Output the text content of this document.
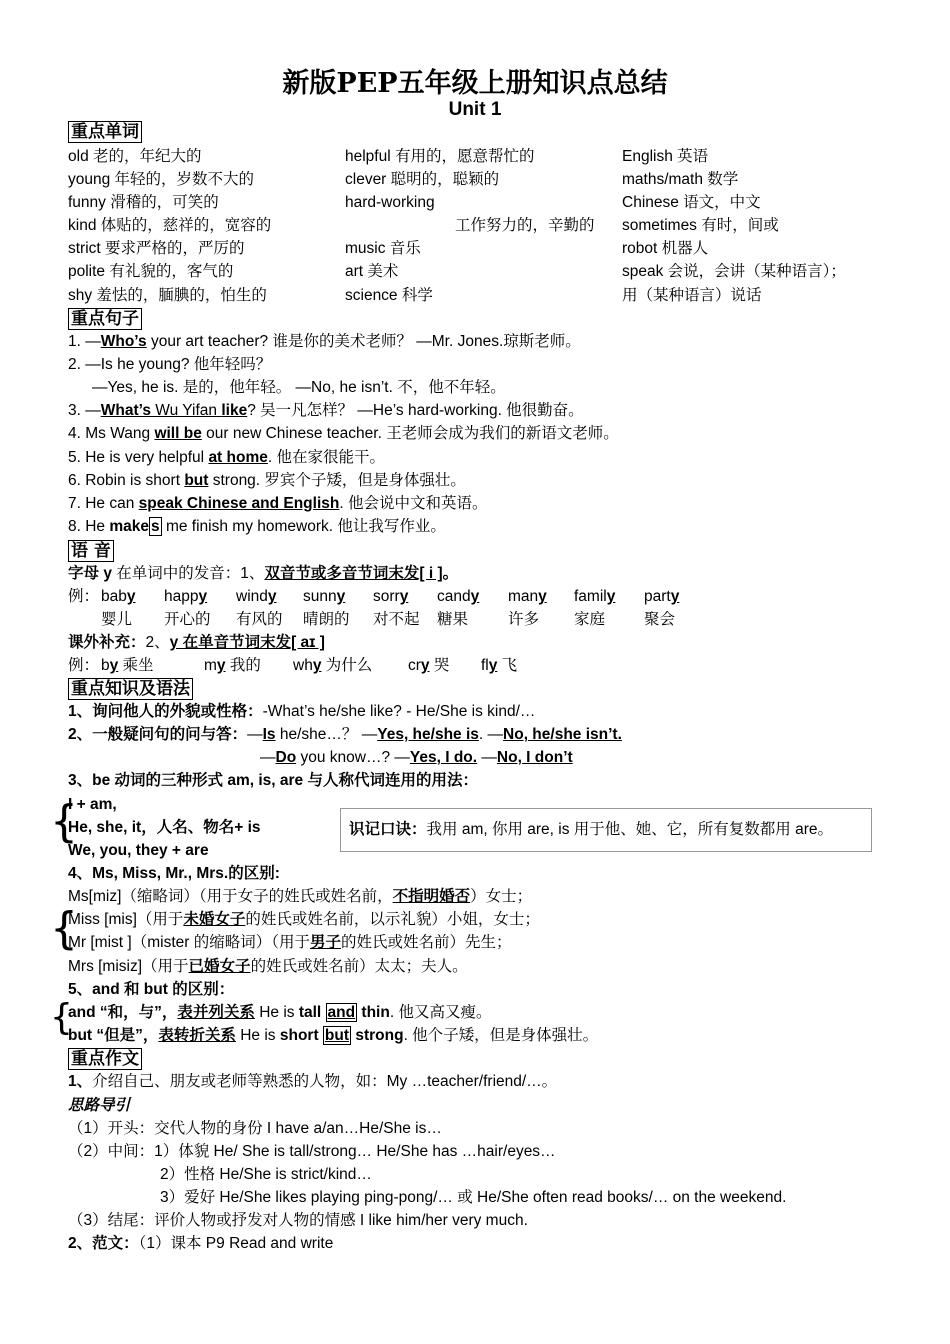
新版PEP五年级上册知识点总结
Unit 1
重点单词
old 老的，年纪大的
young 年轻的，岁数不大的
funny 滑稽的，可笑的
kind 体贴的，慈祥的，宽容的
strict 要求严格的，严厉的
polite 有礼貌的，客气的
shy 羞怯的，腼腆的，怕生的
helpful 有用的，愿意帮忙的
clever 聪明的，聪颖的
hard-working
工作努力的，辛勤的
music 音乐
art 美术
science 科学
English 英语
maths/math 数学
Chinese 语文，中文
sometimes 有时，间或
robot 机器人
speak 会说，会讲（某种语言）；
用（某种语言）说话
重点句子
1. —Who’s your art teacher? 谁是你的美术老师？ —Mr. Jones.琼斯老师。
2. —Is he young? 他年轻吗？
—Yes, he is. 是的，他年轻。 —No, he isn’t. 不，他不年轻。
3. —What’s Wu Yifan like? 吴一凡怎样？ —He’s hard-working. 他很勤奋。
4. Ms Wang will be our new Chinese teacher. 王老师会成为我们的新语文老师。
5. He is very helpful at home. 他在家很能干。
6. Robin is short but strong. 罗宾个子矮，但是身体强壮。
7. He can speak Chinese and English. 他会说中文和英语。
8. He make s me finish my homework. 他让我写作业。
语 音
字母 y 在单词中的发音：1、双音节或多音节词末发[ i ]。
例： baby
婴儿
happy
开心的
windy
有风的
sunny
晴朗的
sorry
对不起
candy
糖果
many
许多
family
家庭
party
聚会
课外补充：2、y 在单音节词末发[ aɪ ]
例： by 乘坐	my 我的 why 为什么 cry 哭 fly 飞
重点知识及语法
1、询问他人的外貌或性格：-What’s he/she like? - He/She is kind/…
2、一般疑问句的问与答：—Is he/she…？ —Yes, he/she is. —No, he/she isn’t.
—Do you know…? —Yes, I do. —No, I don’t
3、be 动词的三种形式 am, is, are 与人称代词连用的用法：
{
I + am,
He, she, it，人名、物名+ is
We, you, they + are
识记口诀：我用 am, 你用 are, is 用于他、她、它，所有复数都用 are。
4、Ms, Miss, Mr., Mrs.的区别:
{
Ms[miz]（缩略词）（用于女子的姓氏或姓名前，不指明婚否）女士；
Miss [mis]（用于未婚女子的姓氏或姓名前，以示礼貌）小姐，女士；
Mr [mist ]（mister 的缩略词）（用于男子的姓氏或姓名前）先生；
Mrs [misiz]（用于已婚女子的姓氏或姓名前）太太；夫人。
5、and 和 but 的区别：
{
and “和，与”，表并列关系 He is tall and thin. 他又高又瘦。
but “但是”，表转折关系 He is short but strong. 他个子矮，但是身体强壮。
重点作文
1、介绍自己、朋友或老师等熟悉的人物，如：My …teacher/friend/…。
思路导引
（1）开头：交代人物的身份 I have a/an…He/She is…
（2）中间：1）体貌 He/ She is tall/strong… He/She has …hair/eyes…
2）性格 He/She is strict/kind…
3）爱好 He/She likes playing ping-pong/… 或 He/She often read books/… on the weekend.
（3）结尾：评价人物或抒发对人物的情感 I like him/her very much.
2、范文：（1）课本 P9 Read and write
